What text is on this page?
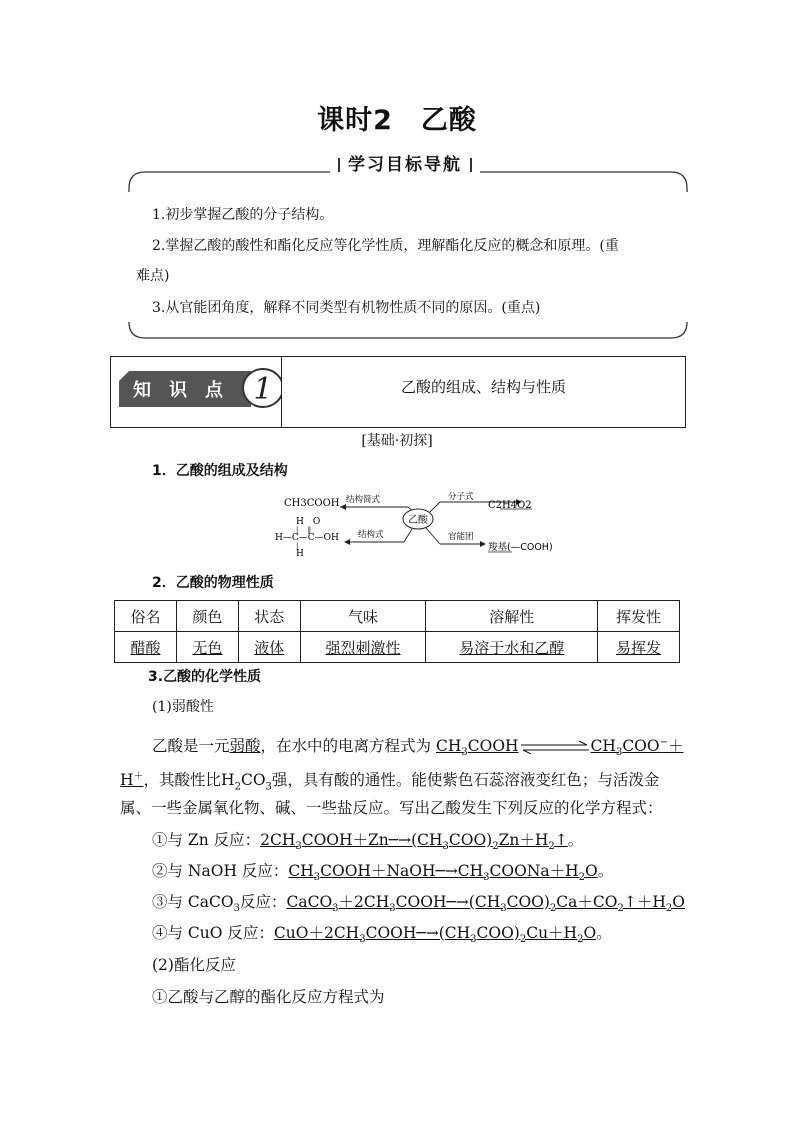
课时2　乙酸
学习目标导航
1.初步掌握乙酸的分子结构。
2.掌握乙酸的酸性和酯化反应等化学性质，理解酯化反应的概念和原理。(重
难点)
3.从官能团角度，解释不同类型有机物性质不同的原因。(重点)
1
知　识　点	乙酸的组成、结构与性质
[基础·初探]
1．乙酸的组成及结构
CH3COOH 结构简式
乙酸
分子式
C2H4O2
H　O
|　 ‖
H—C—C—OH
|
H
结构式	官能团
羧基(—COOH)
2．乙酸的物理性质
俗名	颜色	状态	气味	溶解性	挥发性
醋酸	无色	液体	强烈刺激性	易溶于水和乙醇	易挥发
3.乙酸的化学性质
(1)弱酸性
乙酸是一元弱酸，在水中的电离方程式为 $CH_3COOH$	$CH_3COO^-+$
H＋，其酸性比$H_2CO_3$强，具有酸的通性。能使紫色石蕊溶液变红色；与活泼金
属、一些金属氧化物、碱、一些盐反应。写出乙酸发生下列反应的化学方程式：
①与 Zn 反应：$2CH_3COOH+Zn─\to(CH_3COO)_2Zn+H_2↑$。
②与 NaOH 反应：$CH_3COOH+NaOH─\to CH_3COONa+H_2O$。
③与 CaCO$_3$反应：$CaCO_3+2CH_3COOH─\to(CH_3COO)_2Ca+CO_2↑+H_2O$
④与 CuO 反应：$CuO+2CH_3COOH─\to(CH_3COO)_2Cu+H_2O$。
(2)酯化反应
①乙酸与乙醇的酯化反应方程式为
